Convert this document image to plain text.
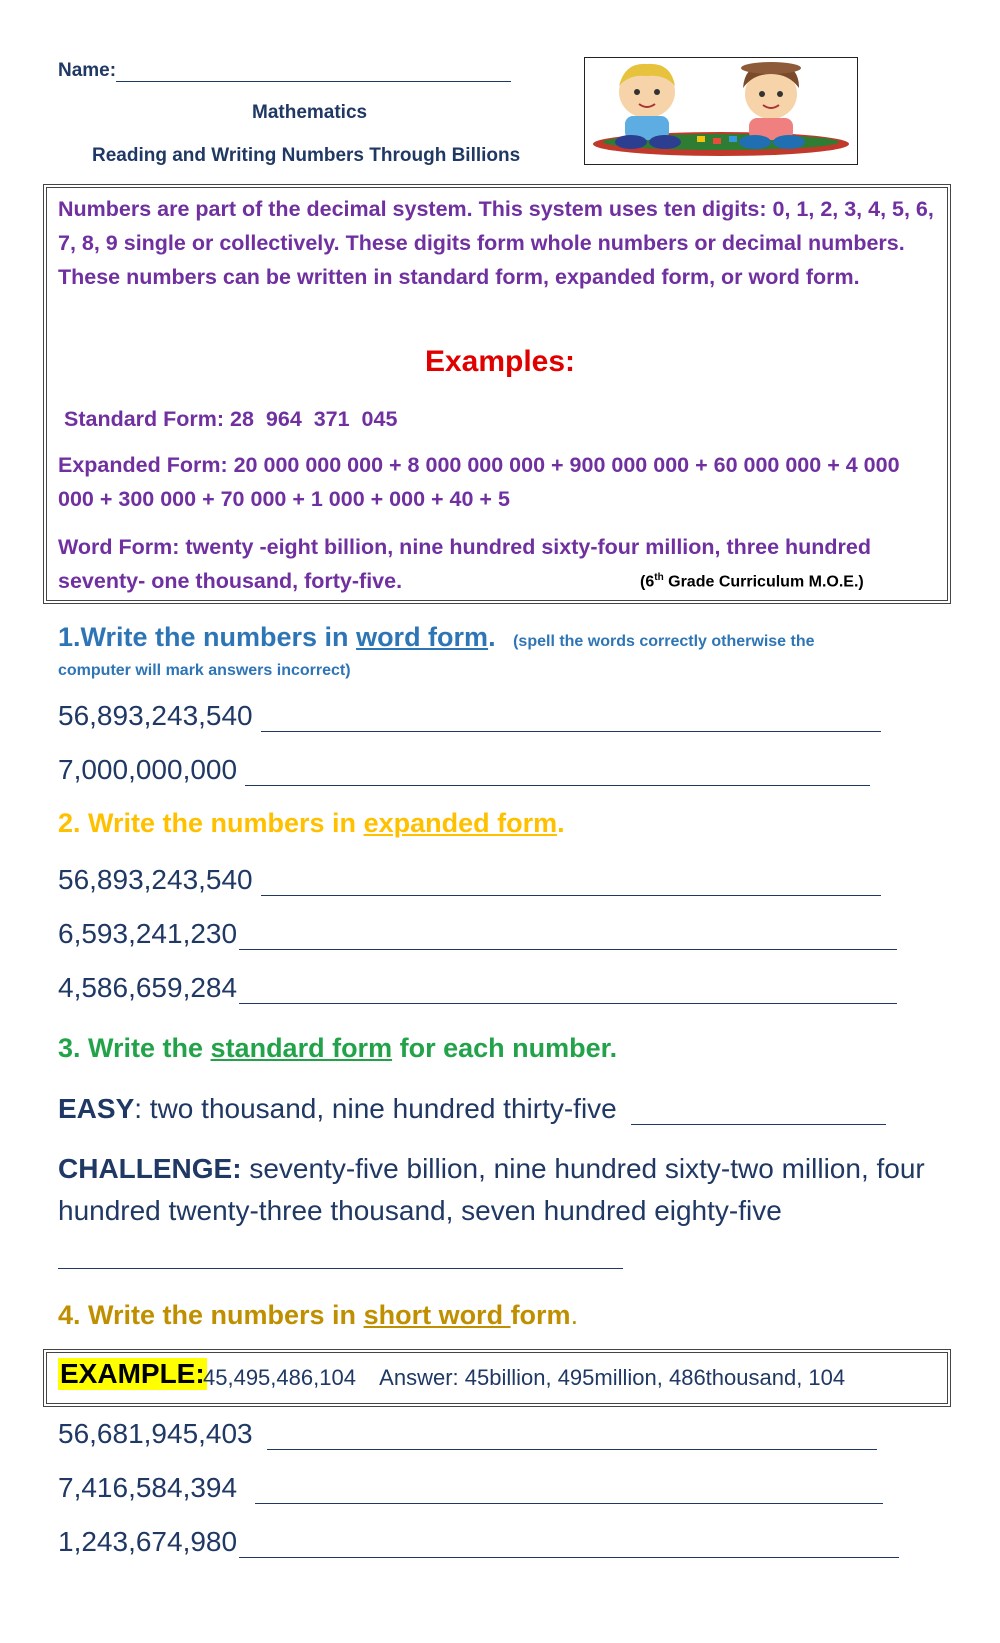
Name:
Mathematics
Reading and Writing Numbers Through Billions
Numbers are part of the decimal system. This system uses ten digits: 0, 1, 2, 3, 4, 5, 6, 7, 8, 9 single or collectively. These digits form whole numbers or decimal numbers. These numbers can be written in standard form, expanded form, or word form.
Examples:
Standard Form: 28  964  371  045
Expanded Form: 20 000 000 000 + 8 000 000 000 + 900 000 000 + 60 000 000 + 4 000 000 + 300 000 + 70 000 + 1 000 + 000 + 40 + 5
Word Form: twenty -eight billion, nine hundred sixty-four million, three hundred seventy- one thousand, forty-five.	(6th Grade Curriculum M.O.E.)
1.Write the numbers in word form. (spell the words correctly otherwise the
computer will mark answers incorrect)
56,893,243,540
7,000,000,000
2. Write the numbers in expanded form.
56,893,243,540
6,593,241,230
4,586,659,284
3. Write the standard form for each number.
EASY : two thousand, nine hundred thirty-five
CHALLENGE: seventy-five billion, nine hundred sixty-two million, four hundred twenty-three thousand, seven hundred eighty-five
4. Write the numbers in short word form.
EXAMPLE:
45,495,486,104    Answer: 45billion, 495million, 486thousand, 104
56,681,945,403
7,416,584,394
1,243,674,980
